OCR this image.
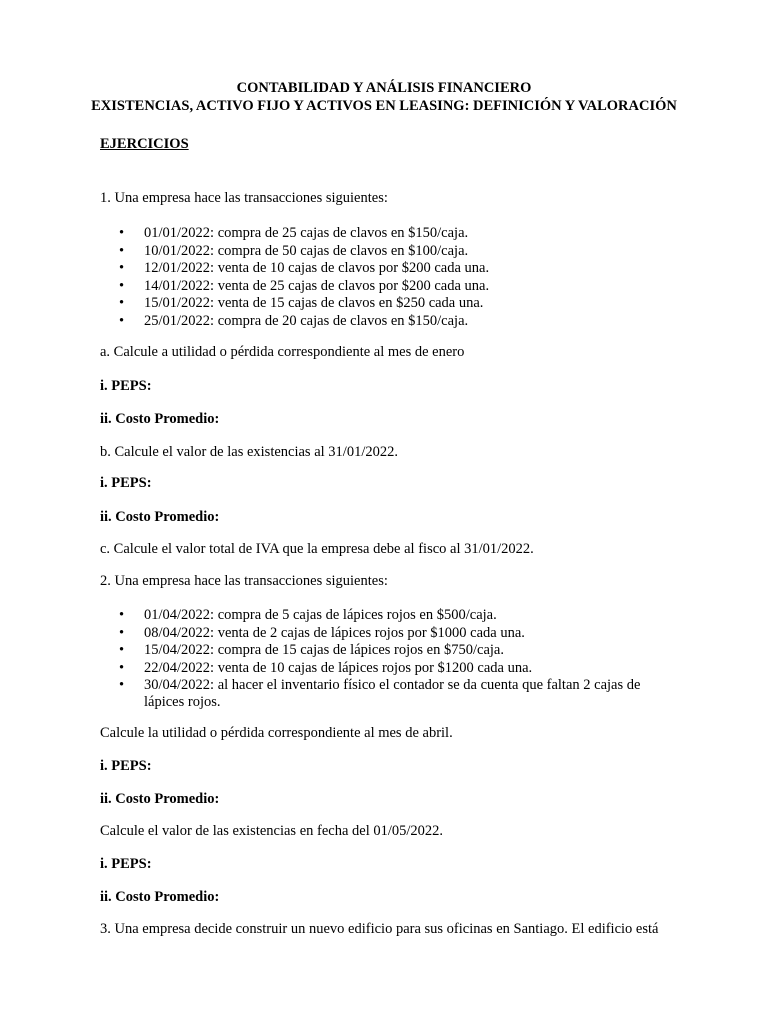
CONTABILIDAD Y ANÁLISIS FINANCIERO
EXISTENCIAS, ACTIVO FIJO Y ACTIVOS EN LEASING: DEFINICIÓN Y VALORACIÓN
EJERCICIOS
1. Una empresa hace las transacciones siguientes:
• 01/01/2022: compra de 25 cajas de clavos en $150/caja.
• 10/01/2022: compra de 50 cajas de clavos en $100/caja.
• 12/01/2022: venta de 10 cajas de clavos por $200 cada una.
• 14/01/2022: venta de 25 cajas de clavos por $200 cada una.
• 15/01/2022: venta de 15 cajas de clavos en $250 cada una.
• 25/01/2022: compra de 20 cajas de clavos en $150/caja.
a. Calcule a utilidad o pérdida correspondiente al mes de enero
i. PEPS:
ii. Costo Promedio:
b. Calcule el valor de las existencias al 31/01/2022.
i. PEPS:
ii. Costo Promedio:
c. Calcule el valor total de IVA que la empresa debe al fisco al 31/01/2022.
2. Una empresa hace las transacciones siguientes:
• 01/04/2022: compra de 5 cajas de lápices rojos en $500/caja.
• 08/04/2022: venta de 2 cajas de lápices rojos por $1000 cada una.
• 15/04/2022: compra de 15 cajas de lápices rojos en $750/caja.
• 22/04/2022: venta de 10 cajas de lápices rojos por $1200 cada una.
• 30/04/2022: al hacer el inventario físico el contador se da cuenta que faltan 2 cajas de lápices rojos.
Calcule la utilidad o pérdida correspondiente al mes de abril.
i. PEPS:
ii. Costo Promedio:
Calcule el valor de las existencias en fecha del 01/05/2022.
i. PEPS:
ii. Costo Promedio:
3. Una empresa decide construir un nuevo edificio para sus oficinas en Santiago. El edificio está
